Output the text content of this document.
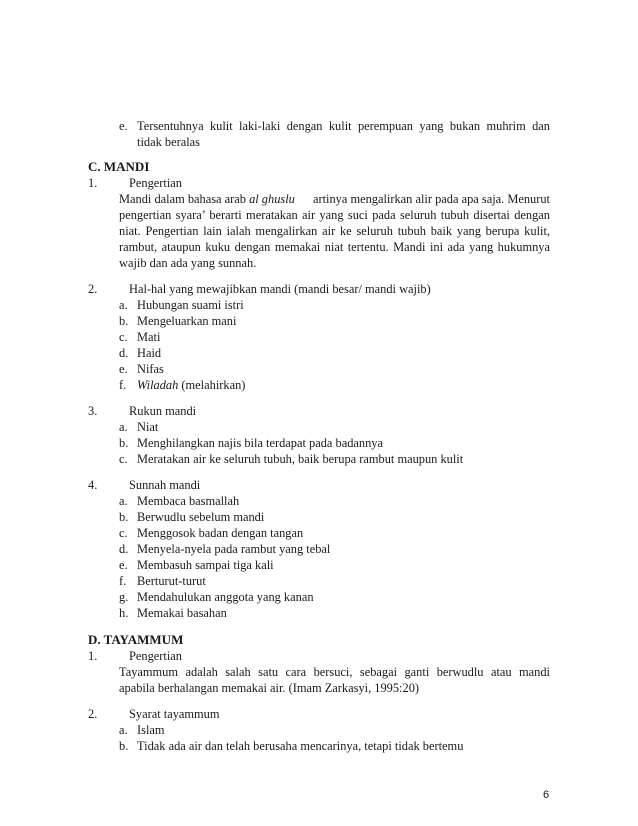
e. Tersentuhnya kulit laki-laki dengan kulit perempuan yang bukan muhrim dan
tidak beralas
C. MANDI
1.	Pengertian
Mandi dalam bahasa arab al ghuslu artinya mengalirkan alir pada apa saja. Menurut
pengertian syara’ berarti meratakan air yang suci pada seluruh tubuh disertai dengan
niat. Pengertian lain ialah mengalirkan air ke seluruh tubuh baik yang berupa kulit,
rambut, ataupun kuku dengan memakai niat tertentu. Mandi ini ada yang hukumnya
wajib dan ada yang sunnah.
2.	Hal-hal yang mewajibkan mandi (mandi besar/ mandi wajib)
a. Hubungan suami istri
b. Mengeluarkan mani
c. Mati
d. Haid
e. Nifas
f. Wiladah (melahirkan)
3.	Rukun mandi
a. Niat
b. Menghilangkan najis bila terdapat pada badannya
c. Meratakan air ke seluruh tubuh, baik berupa rambut maupun kulit
4.	Sunnah mandi
a. Membaca basmallah
b. Berwudlu sebelum mandi
c. Menggosok badan dengan tangan
d. Menyela-nyela pada rambut yang tebal
e. Membasuh sampai tiga kali
f. Berturut-turut
g. Mendahulukan anggota yang kanan
h. Memakai basahan
D. TAYAMMUM
1.	Pengertian
Tayammum adalah salah satu cara bersuci, sebagai ganti berwudlu atau mandi
apabila berhalangan memakai air. (Imam Zarkasyi, 1995:20)
2.	Syarat tayammum
a. Islam
b. Tidak ada air dan telah berusaha mencarinya, tetapi tidak bertemu
6
